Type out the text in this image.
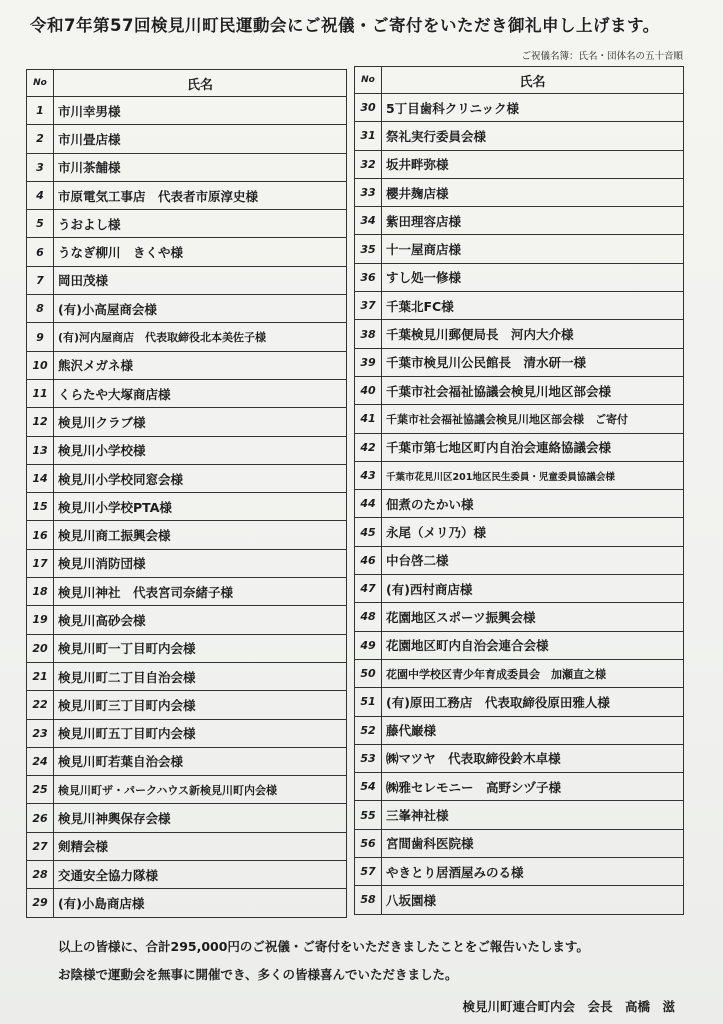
令和7年第57回検見川町民運動会にご祝儀・ご寄付をいただき御礼申し上げます。
ご祝儀名簿：氏名・団体名の五十音順
No	氏名
1	市川幸男様
2	市川畳店様
3	市川茶舗様
4	市原電気工事店　代表者市原淳史様
5	うおよし様
6	うなぎ柳川　きくや様
7	岡田茂様
8	(有)小高屋商会様
9	(有)河内屋商店　代表取締役北本美佐子様
10	熊沢メガネ様
11	くらたや大塚商店様
12	検見川クラブ様
13	検見川小学校様
14	検見川小学校同窓会様
15	検見川小学校PTA様
16	検見川商工振興会様
17	検見川消防団様
18	検見川神社　代表宮司奈緒子様
19	検見川高砂会様
20	検見川町一丁目町内会様
21	検見川町二丁目自治会様
22	検見川町三丁目町内会様
23	検見川町五丁目町内会様
24	検見川町若葉自治会様
25	検見川町ザ・パークハウス新検見川町内会様
26	検見川神輿保存会様
27	剣精会様
28	交通安全協力隊様
29	(有)小島商店様
No	氏名
30	5丁目歯科クリニック様
31	祭礼実行委員会様
32	坂井畔弥様
33	櫻井麹店様
34	紫田理容店様
35	十一屋商店様
36	すし処一修様
37	千葉北FC様
38	千葉検見川郵便局長　河内大介様
39	千葉市検見川公民館長　清水研一様
40	千葉市社会福祉協議会検見川地区部会様
41	千葉市社会福祉協議会検見川地区部会様　ご寄付
42	千葉市第七地区町内自治会連絡協議会様
43	千葉市花見川区201地区民生委員・児童委員協議会様
44	佃煮のたかい様
45	永尾（メリ乃）様
46	中台啓二様
47	(有)西村商店様
48	花園地区スポーツ振興会様
49	花園地区町内自治会連合会様
50	花園中学校区青少年育成委員会　加瀬直之様
51	(有)原田工務店　代表取締役原田雅人様
52	藤代巌様
53	㈱マツヤ　代表取締役鈴木卓様
54	㈱雅セレモニー　高野シヅ子様
55	三峯神社様
56	宮間歯科医院様
57	やきとり居酒屋みのる様
58	八坂園様
以上の皆様に、合計295,000円のご祝儀・ご寄付をいただきましたことをご報告いたします。
お陰様で運動会を無事に開催でき、多くの皆様喜んでいただきました。
検見川町連合町内会　会長　高橋　滋
